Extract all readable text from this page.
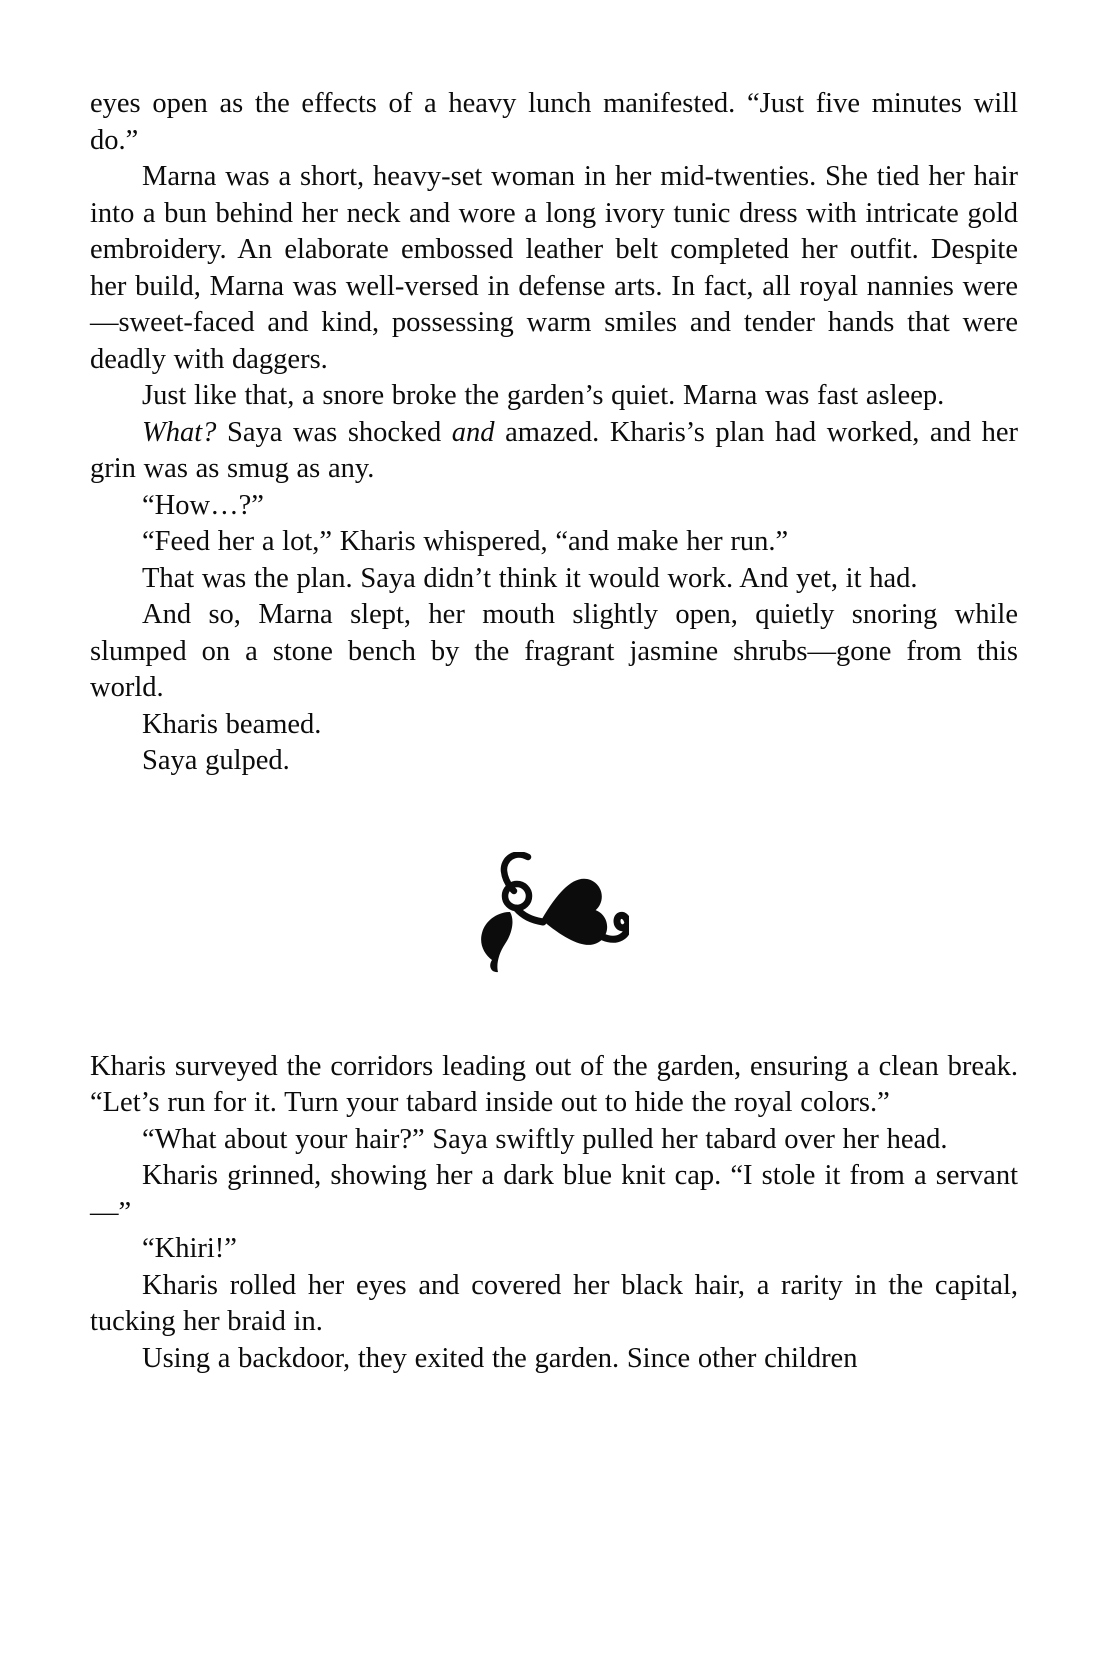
eyes open as the effects of a heavy lunch manifested. “Just five minutes will do.”

Marna was a short, heavy-set woman in her mid-twenties. She tied her hair into a bun behind her neck and wore a long ivory tunic dress with intricate gold embroidery. An elaborate embossed leather belt completed her outfit. Despite her build, Marna was well-versed in defense arts. In fact, all royal nannies were—sweet-faced and kind, possessing warm smiles and tender hands that were deadly with daggers.

Just like that, a snore broke the garden’s quiet. Marna was fast asleep.

What? Saya was shocked and amazed. Kharis’s plan had worked, and her grin was as smug as any.

“How…?”

“Feed her a lot,” Kharis whispered, “and make her run.”

That was the plan. Saya didn’t think it would work. And yet, it had.

And so, Marna slept, her mouth slightly open, quietly snoring while slumped on a stone bench by the fragrant jasmine shrubs—gone from this world.

Kharis beamed.

Saya gulped.

Kharis surveyed the corridors leading out of the garden, ensuring a clean break. “Let’s run for it. Turn your tabard inside out to hide the royal colors.”

“What about your hair?” Saya swiftly pulled her tabard over her head.

Kharis grinned, showing her a dark blue knit cap. “I stole it from a servant—”

“Khiri!”

Kharis rolled her eyes and covered her black hair, a rarity in the capital, tucking her braid in.

Using a backdoor, they exited the garden. Since other children
